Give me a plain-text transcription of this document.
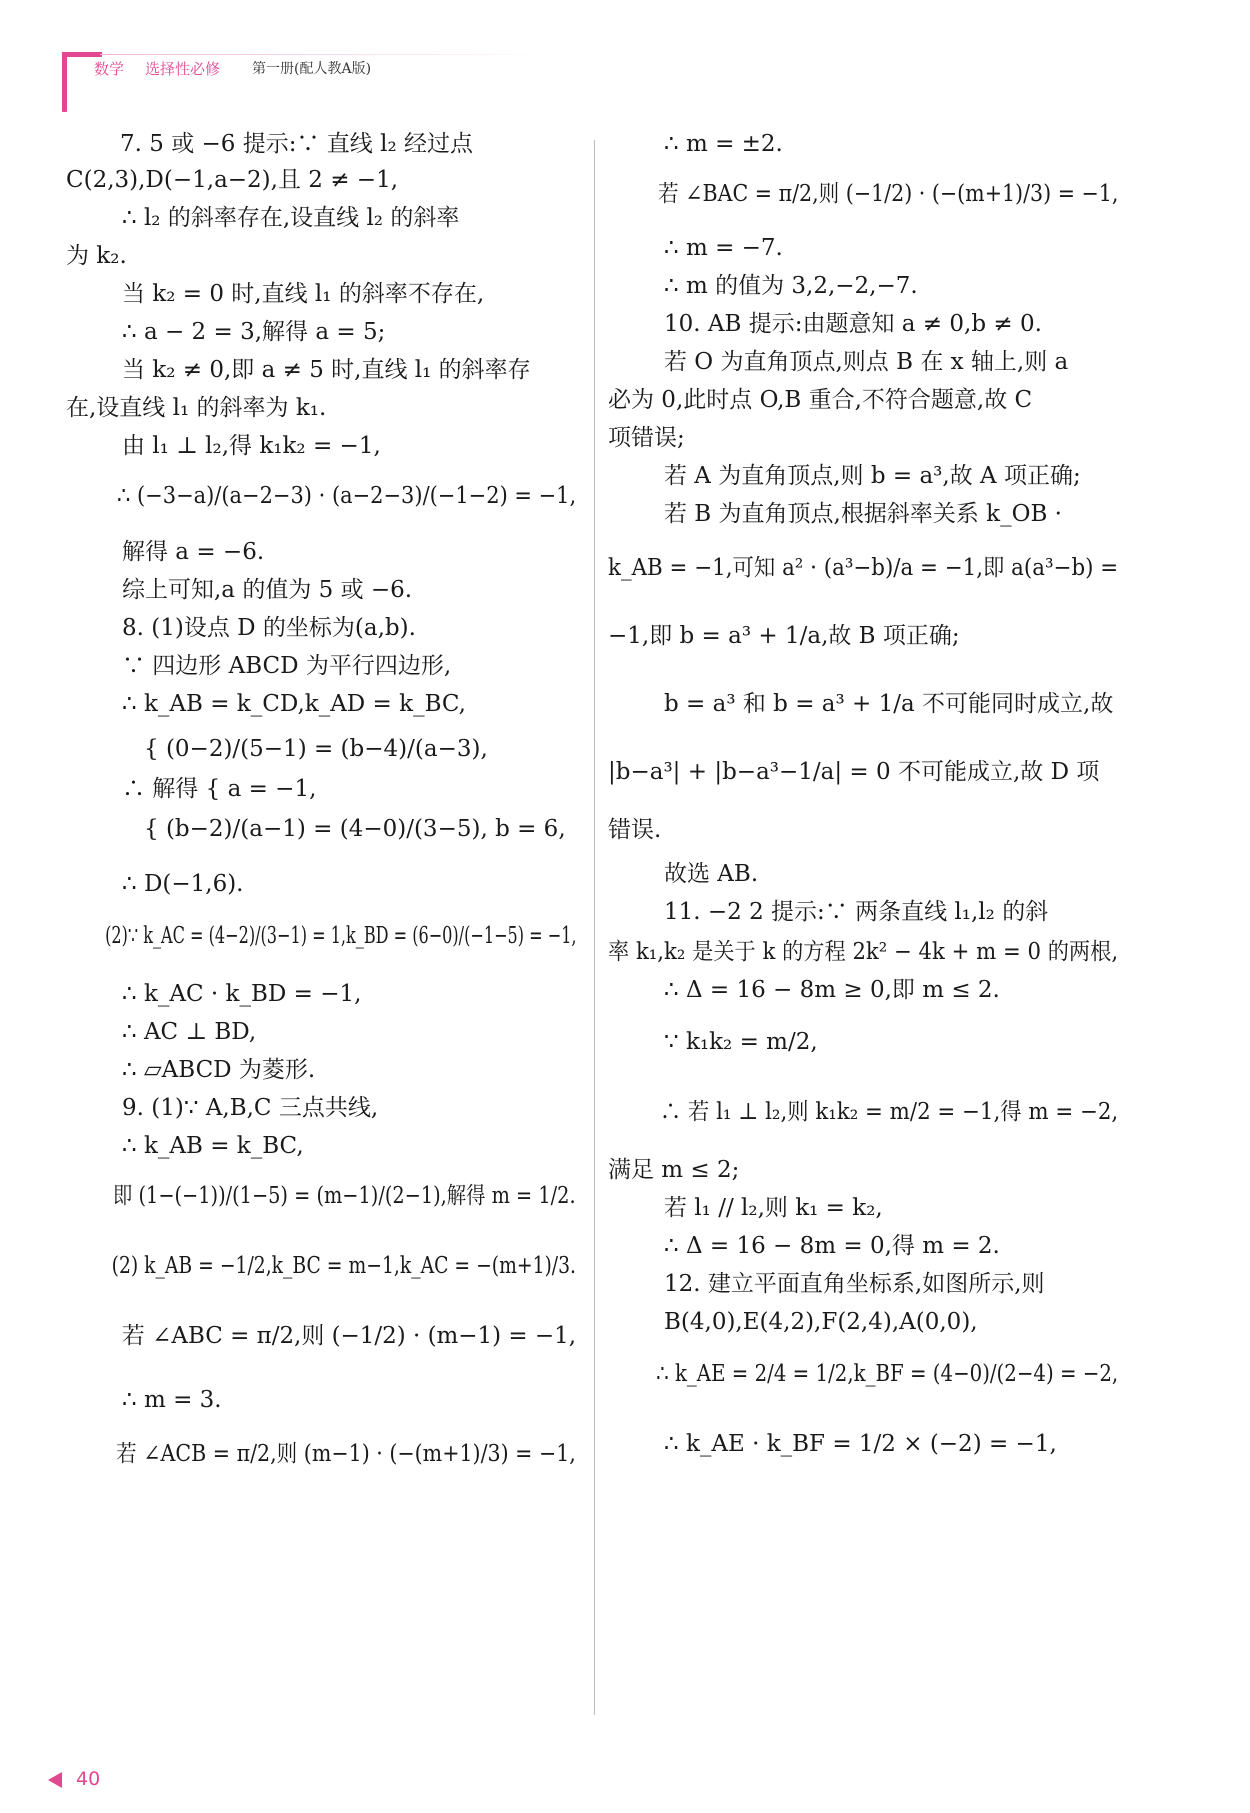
数学 选择性必修 第一册(配人教A版)
7. 5 或 −6 提示:∵ 直线 l₂ 经过点
C(2,3),D(−1,a−2),且 2 ≠ −1,
∴ l₂ 的斜率存在,设直线 l₂ 的斜率
为 k₂.
当 k₂ = 0 时,直线 l₁ 的斜率不存在,
∴ a − 2 = 3,解得 a = 5;
当 k₂ ≠ 0,即 a ≠ 5 时,直线 l₁ 的斜率存
在,设直线 l₁ 的斜率为 k₁.
由 l₁ ⊥ l₂,得 k₁k₂ = −1,
∴ (−3−a)/(a−2−3) · (a−2−3)/(−1−2) = −1,
解得 a = −6.
综上可知,a 的值为 5 或 −6.
8. (1)设点 D 的坐标为(a,b).
∵ 四边形 ABCD 为平行四边形,
∴ k_AB = k_CD,k_AD = k_BC,
{ (0−2)/(5−1) = (b−4)/(a−3),
∴ 解得 { a = −1,
{ (b−2)/(a−1) = (4−0)/(3−5), b = 6,
∴ D(−1,6).
(2)∵ k_AC = (4−2)/(3−1) = 1,k_BD = (6−0)/(−1−5) = −1,
∴ k_AC · k_BD = −1,
∴ AC ⊥ BD,
∴ ▱ABCD 为菱形.
9. (1)∵ A,B,C 三点共线,
∴ k_AB = k_BC,
即 (1−(−1))/(1−5) = (m−1)/(2−1),解得 m = 1/2.
(2) k_AB = −1/2,k_BC = m−1,k_AC = −(m+1)/3.
若 ∠ABC = π/2,则 (−1/2) · (m−1) = −1,
∴ m = 3.
若 ∠ACB = π/2,则 (m−1) · (−(m+1)/3) = −1,
∴ m = ±2.
若 ∠BAC = π/2,则 (−1/2) · (−(m+1)/3) = −1,
∴ m = −7.
∴ m 的值为 3,2,−2,−7.
10. AB 提示:由题意知 a ≠ 0,b ≠ 0.
若 O 为直角顶点,则点 B 在 x 轴上,则 a
必为 0,此时点 O,B 重合,不符合题意,故 C
项错误;
若 A 为直角顶点,则 b = a³,故 A 项正确;
若 B 为直角顶点,根据斜率关系 k_OB ·
k_AB = −1,可知 a² · (a³−b)/a = −1,即 a(a³−b) =
−1,即 b = a³ + 1/a,故 B 项正确;
b = a³ 和 b = a³ + 1/a 不可能同时成立,故
|b−a³| + |b−a³−1/a| = 0 不可能成立,故 D 项
错误.
故选 AB.
11. −2 2 提示:∵ 两条直线 l₁,l₂ 的斜
率 k₁,k₂ 是关于 k 的方程 2k² − 4k + m = 0 的两根,
∴ Δ = 16 − 8m ≥ 0,即 m ≤ 2.
∵ k₁k₂ = m/2,
∴ 若 l₁ ⊥ l₂,则 k₁k₂ = m/2 = −1,得 m = −2,
满足 m ≤ 2;
若 l₁ // l₂,则 k₁ = k₂,
∴ Δ = 16 − 8m = 0,得 m = 2.
12. 建立平面直角坐标系,如图所示,则
B(4,0),E(4,2),F(2,4),A(0,0),
∴ k_AE = 2/4 = 1/2,k_BF = (4−0)/(2−4) = −2,
∴ k_AE · k_BF = 1/2 × (−2) = −1,
40
